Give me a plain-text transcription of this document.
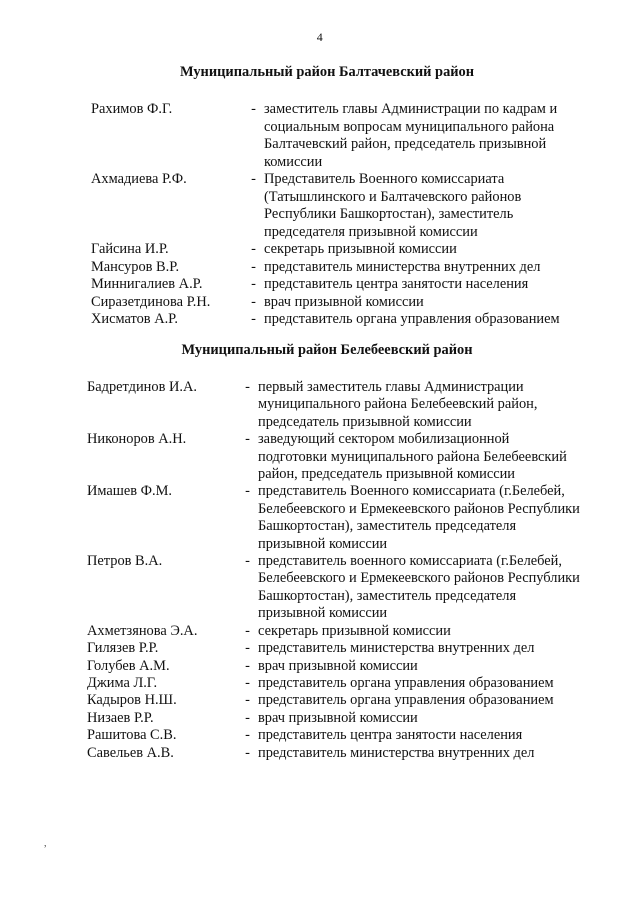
4
Муниципальный район Балтачевский район
Рахимов Ф.Г.	- заместитель главы Администрации по кадрам и
социальным вопросам муниципального района
Балтачевский район, председатель призывной
комиссии
Ахмадиева Р.Ф.	- Представитель Военного комиссариата
(Татышлинского и Балтачевского районов
Республики Башкортостан), заместитель
председателя призывной комиссии
Гайсина И.Р.	- секретарь призывной комиссии
Мансуров В.Р.	- представитель министерства внутренних дел
Миннигалиев А.Р.	- представитель центра занятости населения
Сиразетдинова Р.Н.	- врач призывной комиссии
Хисматов А.Р.	- представитель органа управления образованием
Муниципальный район Белебеевский район
Бадретдинов И.А.	- первый заместитель главы Администрации
муниципального района Белебеевский район,
председатель призывной комиссии
Никоноров А.Н.	- заведующий сектором мобилизационной
подготовки муниципального района Белебеевский
район, председатель призывной комиссии
Имашев Ф.М.	- представитель Военного комиссариата (г.Белебей,
Белебеевского и Ермекеевского районов Республики
Башкортостан), заместитель председателя
призывной комиссии
Петров В.А.	- представитель военного комиссариата (г.Белебей,
Белебеевского и Ермекеевского районов Республики
Башкортостан), заместитель председателя
призывной комиссии
Ахметзянова Э.А.	- секретарь призывной комиссии
Гилязев Р.Р.	- представитель министерства внутренних дел
Голубев А.М.	- врач призывной комиссии
Джима Л.Г.	- представитель органа управления образованием
Кадыров Н.Ш.	- представитель органа управления образованием
Низаев Р.Р.	- врач призывной комиссии
Рашитова С.В.	- представитель центра занятости населения
Савельев А.В.	- представитель министерства внутренних дел
,
